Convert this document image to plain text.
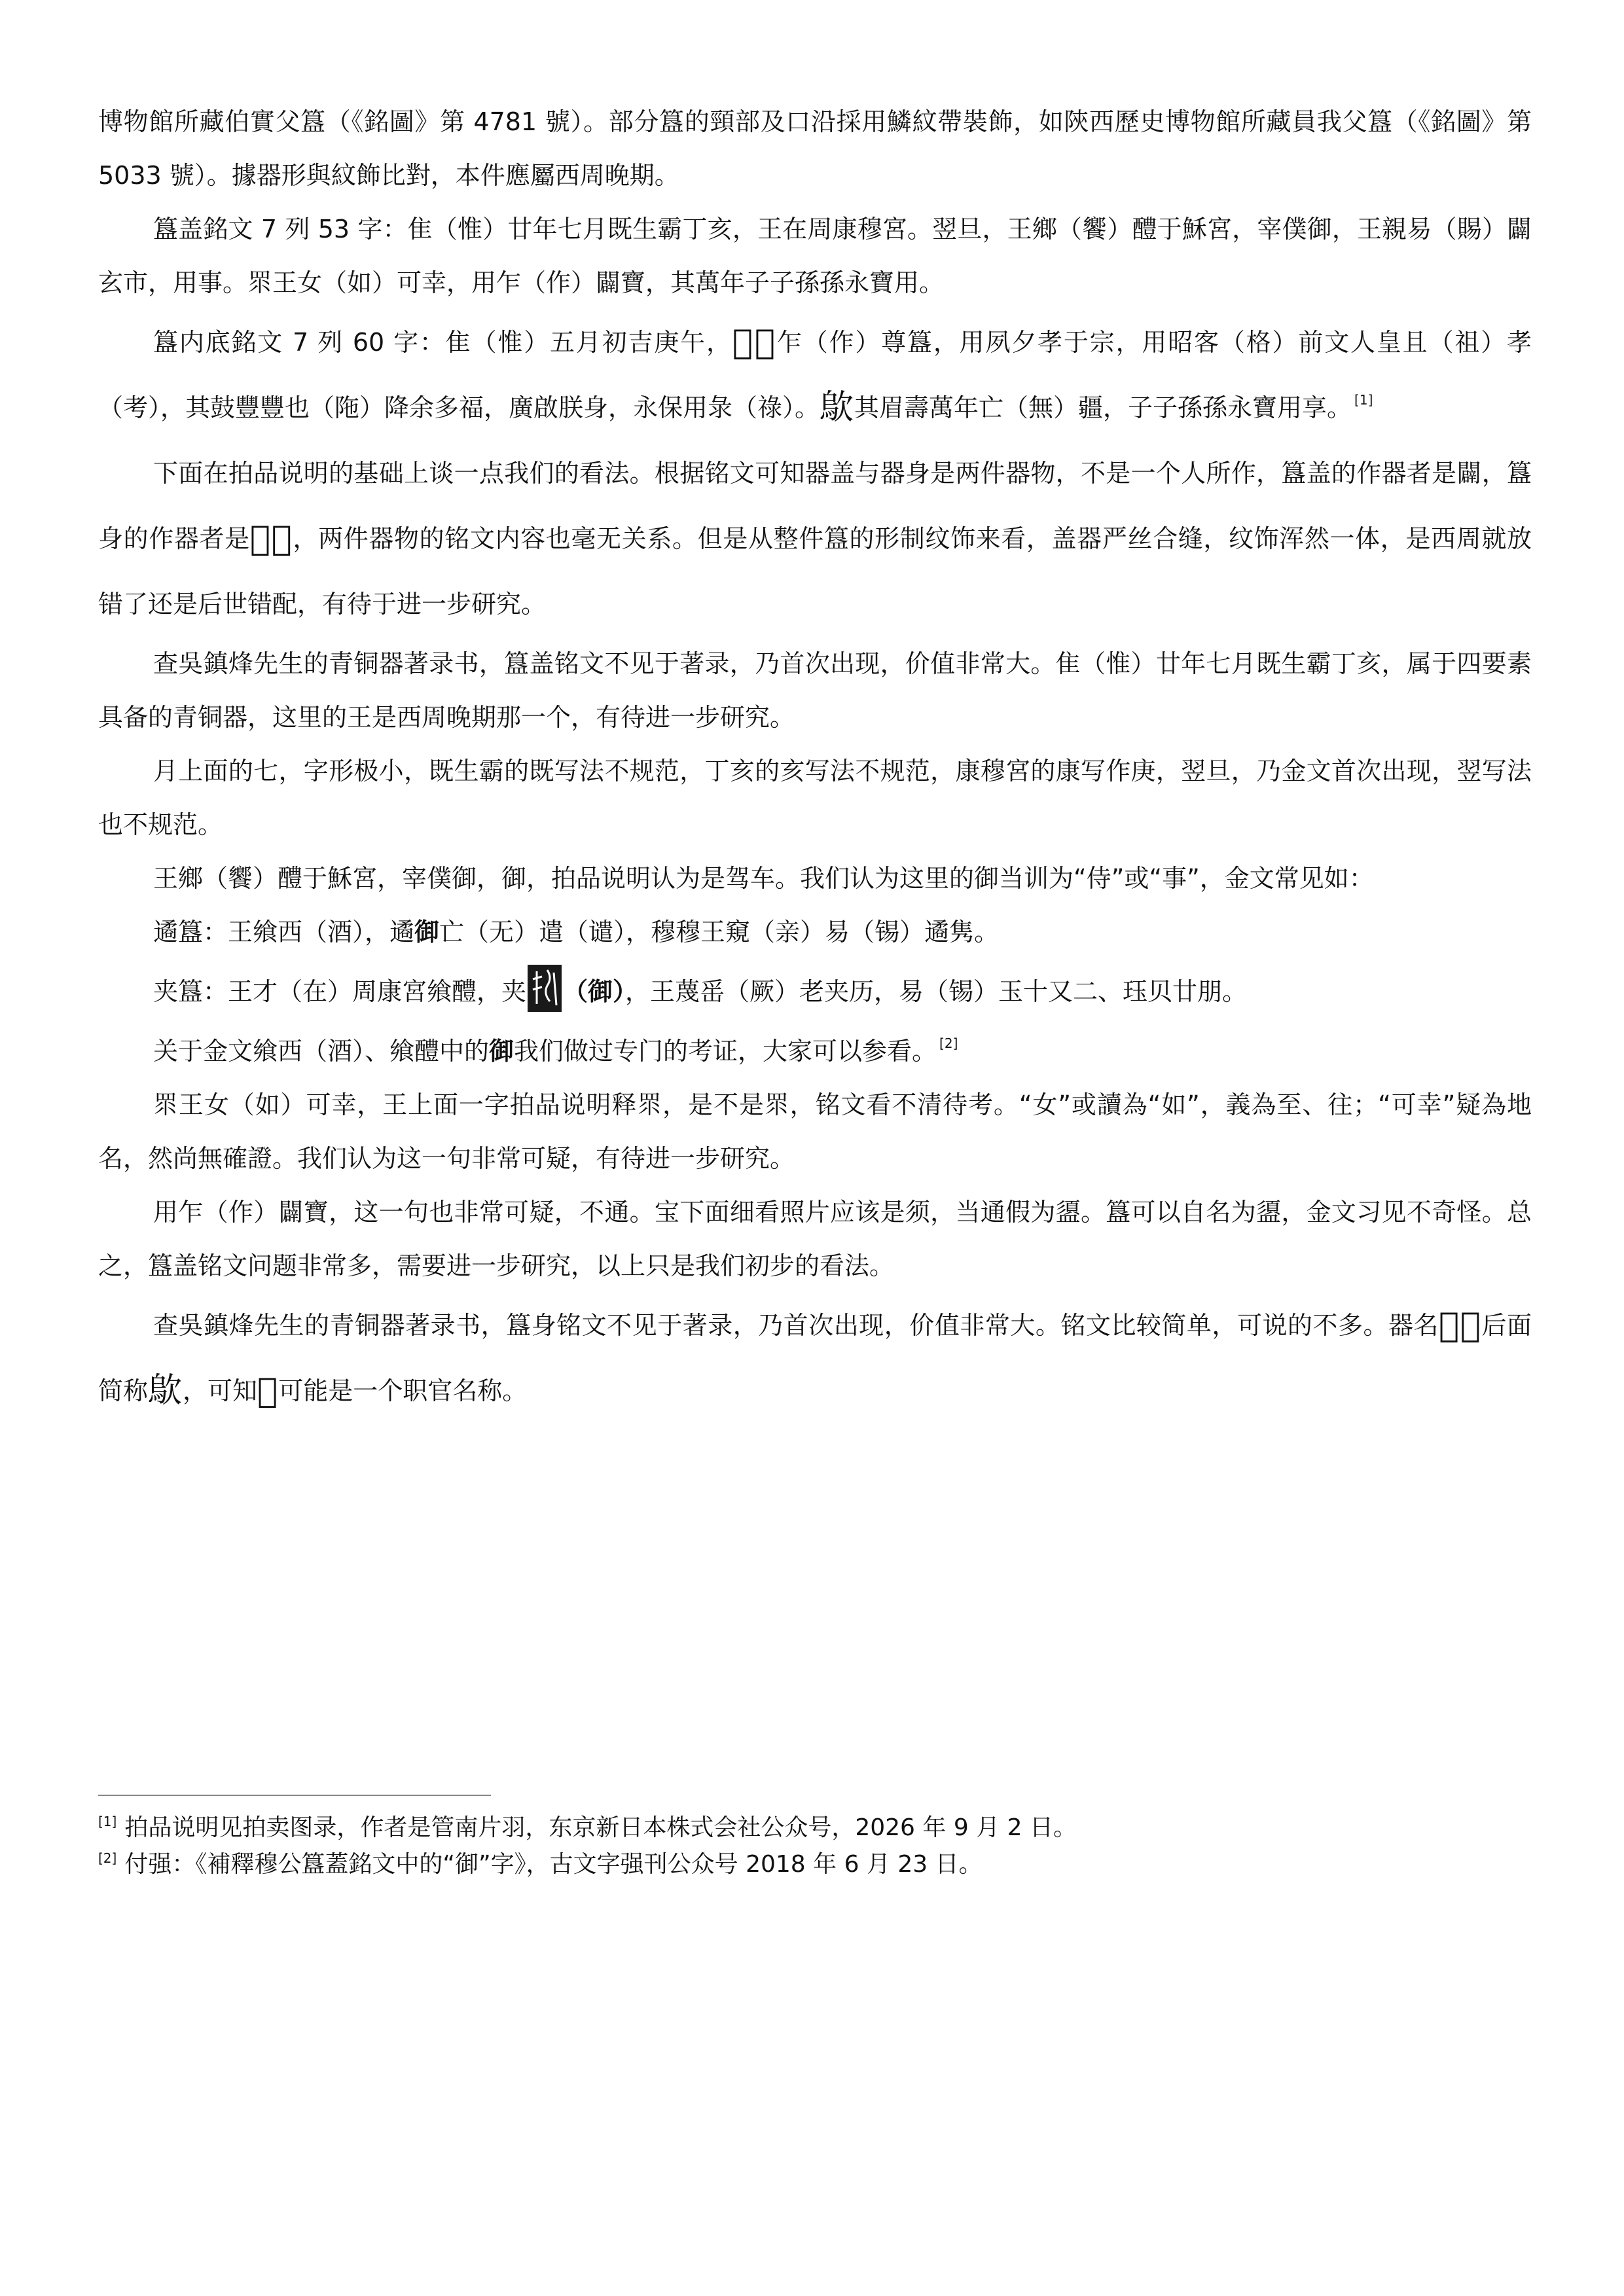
博物館所藏伯實父簋（《銘圖》第 4781 號）。部分簋的頸部及口沿採用鱗紋帶裝飾，如陝西歷史博物館所藏員我父簋（《銘圖》第 5033 號）。據器形與紋飾比對，本件應屬西周晚期。

簋盖銘文 7 列 53 字：隹（惟）廿年七月既生霸丁亥，王在周康穆宮。翌旦，王鄉（饗）醴于穌宮，宰僕御，王親易（賜）闢玄市，用事。眔王女（如）可幸，用乍（作）闢寶，其萬年子子孫孫永寶用。

簋内底銘文 7 列 60 字：隹（惟）五月初吉庚午，𢑚歍乍（作）尊簋，用夙夕孝于宗，用昭客（格）前文人皇且（祖）孝（考），其鼓豐豐也（陁）降余多福，廣啟朕身，永保用彔（祿）。歍其眉壽萬年亡（無）疆，子子孫孫永寶用享。 [1]

下面在拍品说明的基础上谈一点我们的看法。根据铭文可知器盖与器身是两件器物，不是一个人所作，簋盖的作器者是闢，簋身的作器者是𢑚歍，两件器物的铭文内容也毫无关系。但是从整件簋的形制纹饰来看，盖器严丝合缝，纹饰浑然一体，是西周就放错了还是后世错配，有待于进一步研究。

查吳鎮烽先生的青铜器著录书，簋盖铭文不见于著录，乃首次出现，价值非常大。隹（惟）廿年七月既生霸丁亥，属于四要素具备的青铜器，这里的王是西周晚期那一个，有待进一步研究。

月上面的七，字形极小，既生霸的既写法不规范，丁亥的亥写法不规范，康穆宮的康写作庚，翌旦，乃金文首次出现，翌写法也不规范。

王鄉（饗）醴于穌宮，宰僕御，御，拍品说明认为是驾车。我们认为这里的御当训为“侍”或“事”，金文常见如：

遹簋：王飨西（酒），遹御亡（无）遣（谴），穆穆王窺（亲）易（锡）遹隽。

夹簋：王才（在）周康宮飨醴，夹 （御），王蔑䍃（厥）老夹历，易（锡）玉十又二、珏贝廿朋。

关于金文飨西（酒）、飨醴中的御我们做过专门的考证，大家可以参看。 [2]

眔王女（如）可幸，王上面一字拍品说明释眔，是不是眔，铭文看不清待考。“女”或讀為“如”，義為至、往；“可幸”疑為地名，然尚無確證。我们认为这一句非常可疑，有待进一步研究。

用乍（作）闢寶，这一句也非常可疑，不通。宝下面细看照片应该是须，当通假为盨。簋可以自名为盨，金文习见不奇怪。总之，簋盖铭文问题非常多，需要进一步研究，以上只是我们初步的看法。

查吳鎮烽先生的青铜器著录书，簋身铭文不见于著录，乃首次出现，价值非常大。铭文比较简单，可说的不多。器名𢑚歍后面简称歍，可知𢑚可能是一个职官名称。

[1] 拍品说明见拍卖图录，作者是管南片羽，东京新日本株式会社公众号，2026 年 9 月 2 日。

[2] 付强：《補釋穆公簋蓋銘文中的“御”字》，古文字强刊公众号 2018 年 6 月 23 日。
